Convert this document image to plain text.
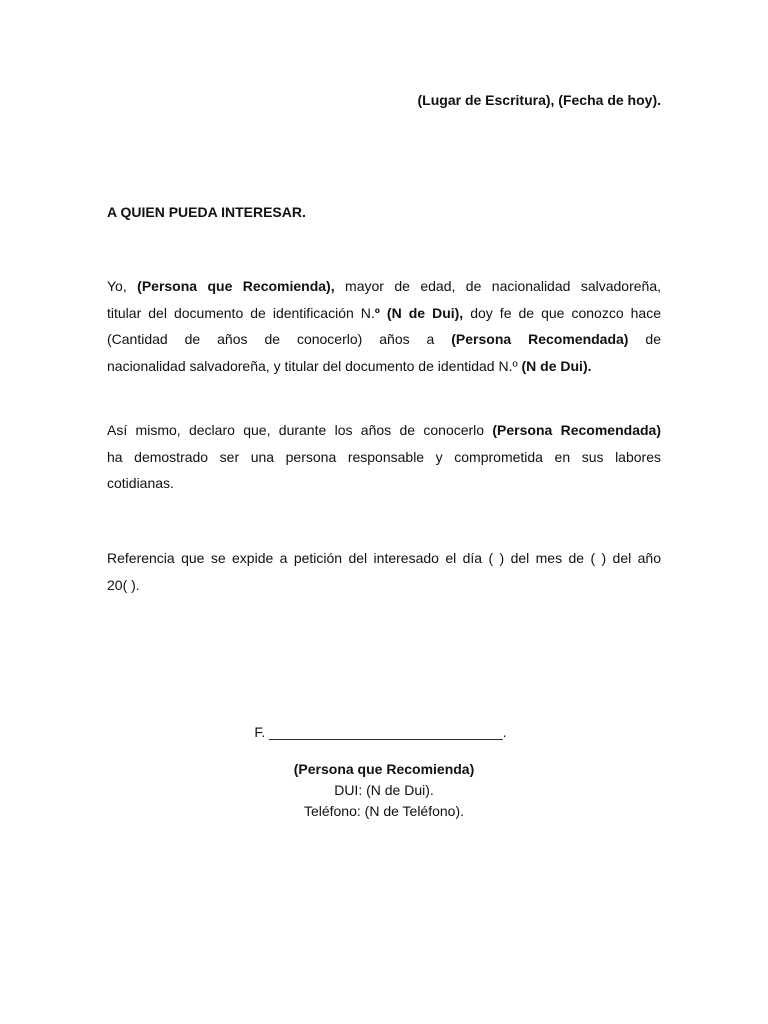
(Lugar de Escritura), (Fecha de hoy).
A QUIEN PUEDA INTERESAR.
Yo, (Persona que Recomienda), mayor de edad, de nacionalidad salvadoreña,
titular del documento de identificación N.º (N de Dui), doy fe de que conozco hace
(Cantidad de años de conocerlo) años a (Persona Recomendada) de
nacionalidad salvadoreña, y titular del documento de identidad N.º (N de Dui).
Así mismo, declaro que, durante los años de conocerlo (Persona Recomendada)
ha demostrado ser una persona responsable y comprometida en sus labores
cotidianas.
Referencia que se expide a petición del interesado el día ( ) del mes de ( ) del año
20( ).
F. ______________________________.
(Persona que Recomienda)
DUI: (N de Dui).
Teléfono: (N de Teléfono).
